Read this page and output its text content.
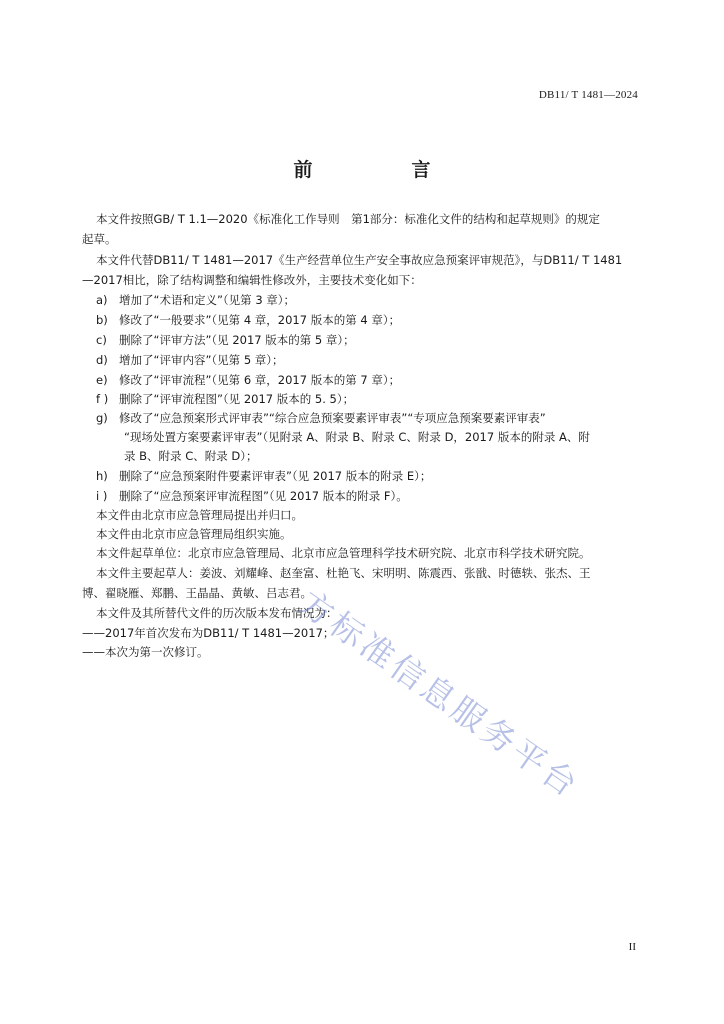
DB11/ T 1481—2024
前　言
本文件按照GB/ T 1.1—2020《标准化工作导则　第1部分：标准化文件的结构和起草规则》的规定
起草。
本文件代替DB11/ T 1481—2017《生产经营单位生产安全事故应急预案评审规范》，与DB11/ T 1481
—2017相比，除了结构调整和编辑性修改外，主要技术变化如下：
a) 增加了“术语和定义”（见第 3 章）；
b) 修改了“一般要求”（见第 4 章，2017 版本的第 4 章）；
c) 删除了“评审方法”（见 2017 版本的第 5 章）；
d) 增加了“评审内容”（见第 5 章）；
e) 修改了“评审流程”（见第 6 章，2017 版本的第 7 章）；
f ) 删除了“评审流程图”（见 2017 版本的 5. 5）；
g) 修改了“应急预案形式评审表”“综合应急预案要素评审表”“专项应急预案要素评审表”
“现场处置方案要素评审表”（见附录 A、附录 B、附录 C、附录 D，2017 版本的附录 A、附
录 B、附录 C、附录 D）；
h) 删除了“应急预案附件要素评审表”（见 2017 版本的附录 E）；
i ) 删除了“应急预案评审流程图”（见 2017 版本的附录 F）。
本文件由北京市应急管理局提出并归口。
本文件由北京市应急管理局组织实施。
本文件起草单位：北京市应急管理局、北京市应急管理科学技术研究院、北京市科学技术研究院。
本文件主要起草人：姜波、刘耀峰、赵奎富、杜艳飞、宋明明、陈震西、张戩、时德轶、张杰、王
博、翟晓雁、郑鹏、王晶晶、黄敏、吕志君。
本文件及其所替代文件的历次版本发布情况为：
——2017年首次发布为DB11/ T 1481—2017；
——本次为第一次修订。	方标准信息服务平台
II
